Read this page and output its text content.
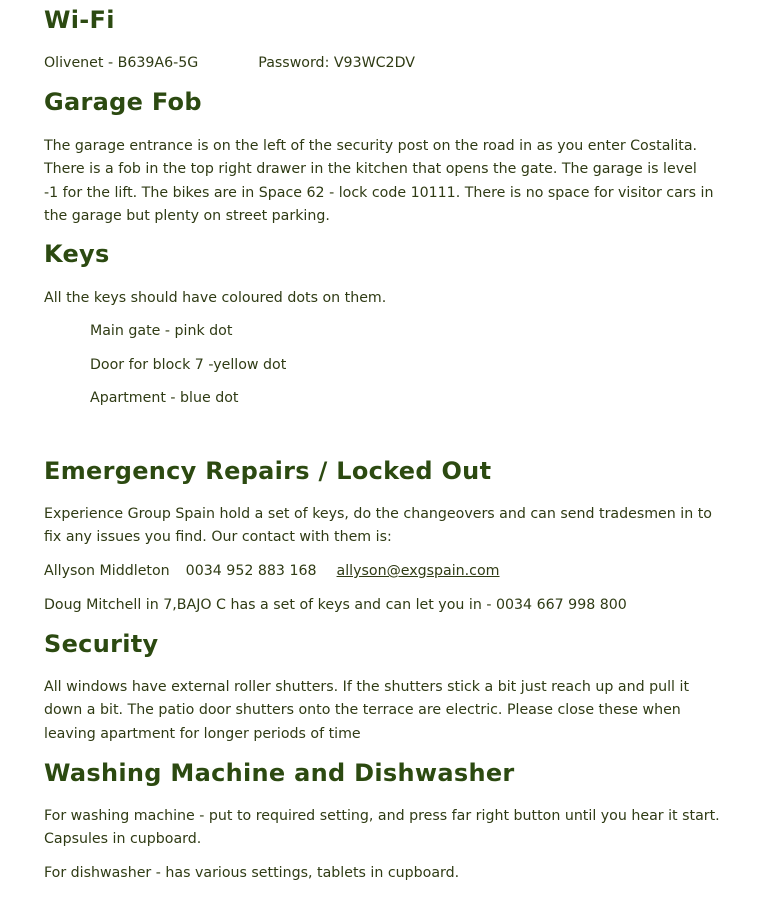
Wi-Fi

Olivenet - B639A6-5G	Password: V93WC2DV

Garage Fob

The garage entrance is on the left of the security post on the road in as you enter Costalita. There is a fob in the top right drawer in the kitchen that opens the gate. The garage is level -1 for the lift. The bikes are in Space 62 - lock code 10111. There is no space for visitor cars in the garage but plenty on street parking.

Keys

All the keys should have coloured dots on them.

Main gate - pink dot

Door for block 7 -yellow dot

Apartment - blue dot

Emergency Repairs / Locked Out

Experience Group Spain hold a set of keys, do the changeovers and can send tradesmen in to fix any issues you find. Our contact with them is:

Allyson Middleton 0034 952 883 168 allyson@exgspain.com

Doug Mitchell in 7,BAJO C has a set of keys and can let you in - 0034 667 998 800

Security

All windows have external roller shutters. If the shutters stick a bit just reach up and pull it down a bit. The patio door shutters onto the terrace are electric. Please close these when leaving apartment for longer periods of time

Washing Machine and Dishwasher

For washing machine - put to required setting, and press far right button until you hear it start. Capsules in cupboard.

For dishwasher - has various settings, tablets in cupboard.
